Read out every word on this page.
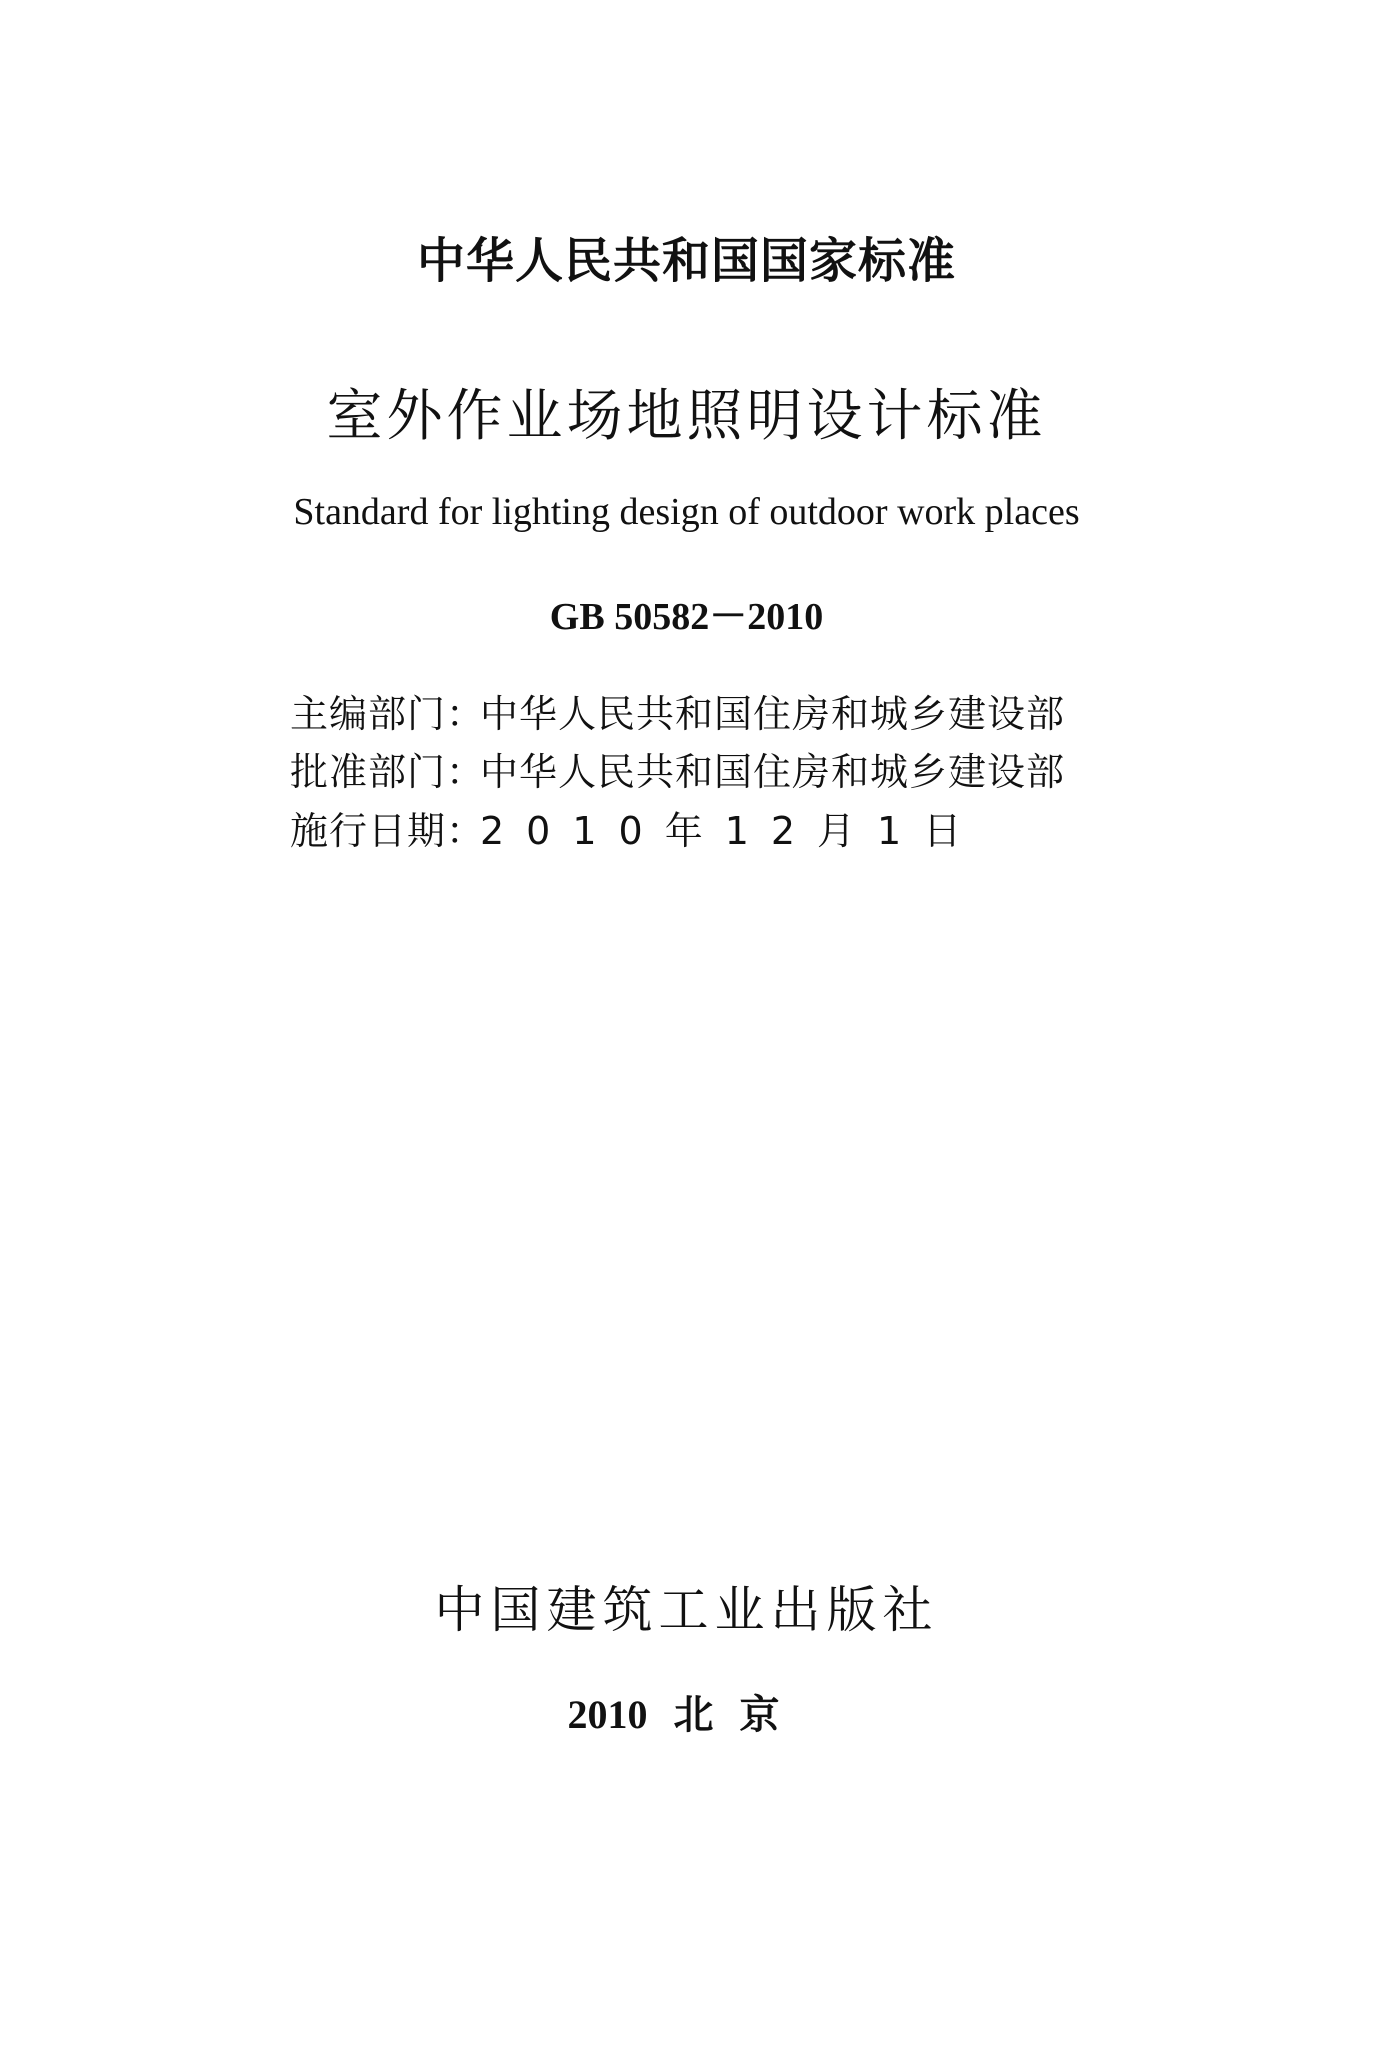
中华人民共和国国家标准
室外作业场地照明设计标准
Standard for lighting design of outdoor work places
GB 50582－2010
主编部门：中华人民共和国住房和城乡建设部
批准部门：中华人民共和国住房和城乡建设部
施行日期：2010年12月1日
中国建筑工业出版社
2010 北京
